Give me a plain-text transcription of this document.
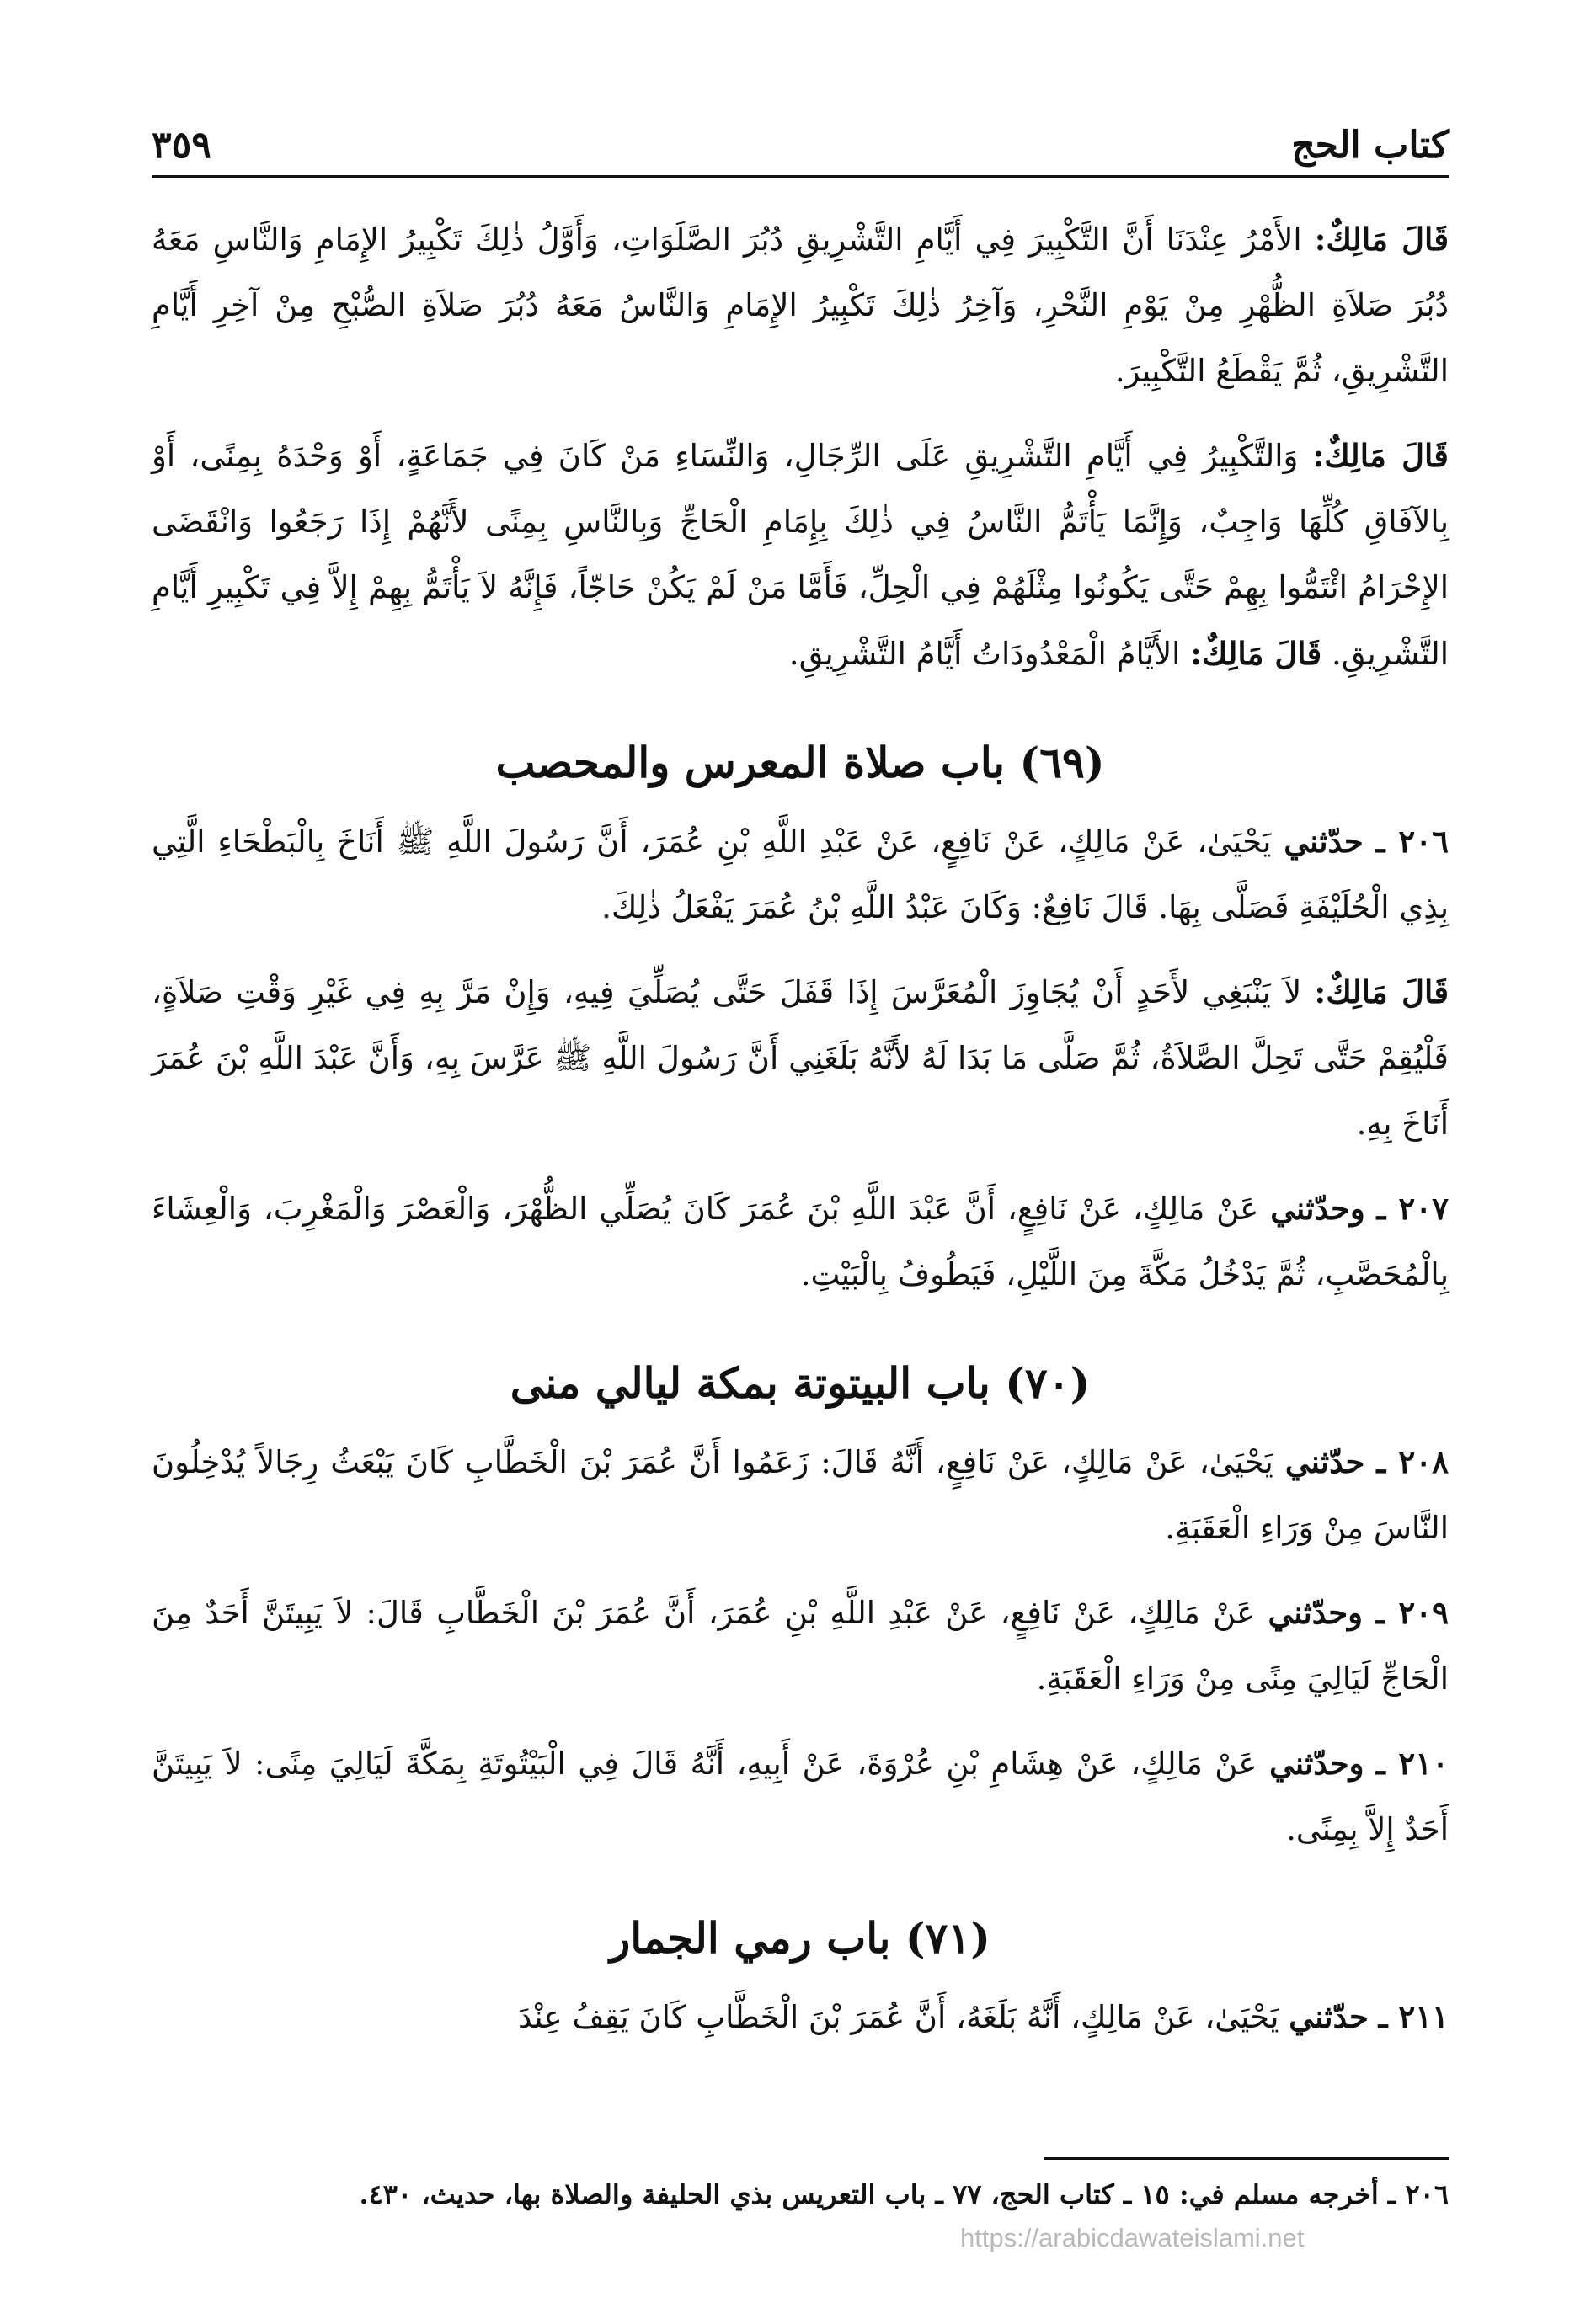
كتاب الحج
٣٥٩

قَالَ مَالِكٌ: الأَمْرُ عِنْدَنَا أَنَّ التَّكْبِيرَ فِي أَيَّامِ التَّشْرِيقِ دُبُرَ الصَّلَوَاتِ، وَأَوَّلُ ذٰلِكَ تَكْبِيرُ الإِمَامِ وَالنَّاسِ مَعَهُ دُبُرَ صَلاَةِ الظُّهْرِ مِنْ يَوْمِ النَّحْرِ، وَآخِرُ ذٰلِكَ تَكْبِيرُ الإِمَامِ وَالنَّاسُ مَعَهُ دُبُرَ صَلاَةِ الصُّبْحِ مِنْ آخِرِ أَيَّامِ التَّشْرِيقِ، ثُمَّ يَقْطَعُ التَّكْبِيرَ.

قَالَ مَالِكٌ: وَالتَّكْبِيرُ فِي أَيَّامِ التَّشْرِيقِ عَلَى الرِّجَالِ، وَالنِّسَاءِ مَنْ كَانَ فِي جَمَاعَةٍ، أَوْ وَحْدَهُ بِمِنًى، أَوْ بِالآفَاقِ كُلِّهَا وَاجِبٌ، وَإِنَّمَا يَأْتَمُّ النَّاسُ فِي ذٰلِكَ بِإِمَامِ الْحَاجِّ وَبِالنَّاسِ بِمِنًى لأَنَّهُمْ إِذَا رَجَعُوا وَانْقَضَى الإِحْرَامُ ائْتَمُّوا بِهِمْ حَتَّى يَكُونُوا مِثْلَهُمْ فِي الْحِلِّ، فَأَمَّا مَنْ لَمْ يَكُنْ حَاجّاً، فَإِنَّهُ لاَ يَأْتَمُّ بِهِمْ إِلاَّ فِي تَكْبِيرِ أَيَّامِ التَّشْرِيقِ. قَالَ مَالِكٌ: الأَيَّامُ الْمَعْدُودَاتُ أَيَّامُ التَّشْرِيقِ.

(٦٩) باب صلاة المعرس والمحصب

٢٠٦ ـ حدّثني يَحْيَىٰ، عَنْ مَالِكٍ، عَنْ نَافِعٍ، عَنْ عَبْدِ اللَّهِ بْنِ عُمَرَ، أَنَّ رَسُولَ اللَّهِ ﷺ أَنَاخَ بِالْبَطْحَاءِ الَّتِي بِذِي الْحُلَيْفَةِ فَصَلَّى بِهَا. قَالَ نَافِعٌ: وَكَانَ عَبْدُ اللَّهِ بْنُ عُمَرَ يَفْعَلُ ذٰلِكَ.

قَالَ مَالِكٌ: لاَ يَنْبَغِي لأَحَدٍ أَنْ يُجَاوِزَ الْمُعَرَّسَ إِذَا قَفَلَ حَتَّى يُصَلِّيَ فِيهِ، وَإِنْ مَرَّ بِهِ فِي غَيْرِ وَقْتِ صَلاَةٍ، فَلْيُقِمْ حَتَّى تَحِلَّ الصَّلاَةُ، ثُمَّ صَلَّى مَا بَدَا لَهُ لأَنَّهُ بَلَغَنِي أَنَّ رَسُولَ اللَّهِ ﷺ عَرَّسَ بِهِ، وَأَنَّ عَبْدَ اللَّهِ بْنَ عُمَرَ أَنَاخَ بِهِ.

٢٠٧ ـ وحدّثني عَنْ مَالِكٍ، عَنْ نَافِعٍ، أَنَّ عَبْدَ اللَّهِ بْنَ عُمَرَ كَانَ يُصَلِّي الظُّهْرَ، وَالْعَصْرَ وَالْمَغْرِبَ، وَالْعِشَاءَ بِالْمُحَصَّبِ، ثُمَّ يَدْخُلُ مَكَّةَ مِنَ اللَّيْلِ، فَيَطُوفُ بِالْبَيْتِ.

(٧٠) باب البيتوتة بمكة ليالي منى

٢٠٨ ـ حدّثني يَحْيَىٰ، عَنْ مَالِكٍ، عَنْ نَافِعٍ، أَنَّهُ قَالَ: زَعَمُوا أَنَّ عُمَرَ بْنَ الْخَطَّابِ كَانَ يَبْعَثُ رِجَالاً يُدْخِلُونَ النَّاسَ مِنْ وَرَاءِ الْعَقَبَةِ.

٢٠٩ ـ وحدّثني عَنْ مَالِكٍ، عَنْ نَافِعٍ، عَنْ عَبْدِ اللَّهِ بْنِ عُمَرَ، أَنَّ عُمَرَ بْنَ الْخَطَّابِ قَالَ: لاَ يَبِيتَنَّ أَحَدٌ مِنَ الْحَاجِّ لَيَالِيَ مِنًى مِنْ وَرَاءِ الْعَقَبَةِ.

٢١٠ ـ وحدّثني عَنْ مَالِكٍ، عَنْ هِشَامِ بْنِ عُرْوَةَ، عَنْ أَبِيهِ، أَنَّهُ قَالَ فِي الْبَيْتُوتَةِ بِمَكَّةَ لَيَالِيَ مِنًى: لاَ يَبِيتَنَّ أَحَدٌ إِلاَّ بِمِنًى.

(٧١) باب رمي الجمار

٢١١ ـ حدّثني يَحْيَىٰ، عَنْ مَالِكٍ، أَنَّهُ بَلَغَهُ، أَنَّ عُمَرَ بْنَ الْخَطَّابِ كَانَ يَقِفُ عِنْدَ

٢٠٦ ـ أخرجه مسلم في: ١٥ ـ كتاب الحج، ٧٧ ـ باب التعريس بذي الحليفة والصلاة بها، حديث، ٤٣٠.
https://arabicdawateislami.net
